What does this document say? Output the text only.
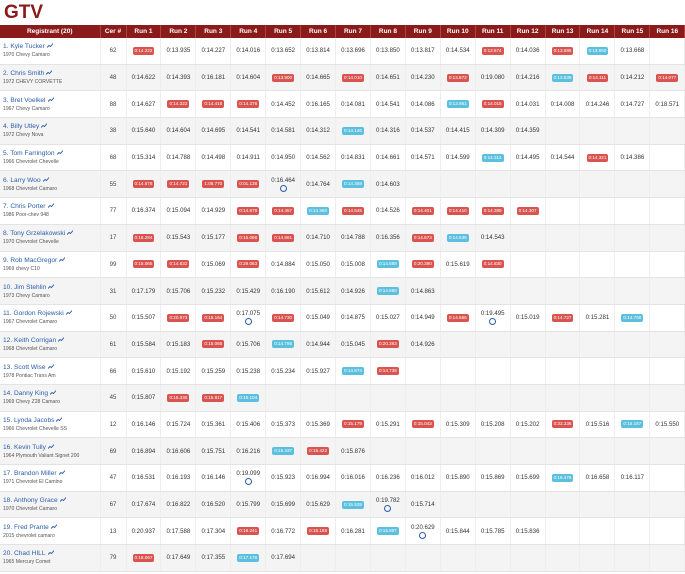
GTV
Registrant (20)	Cer #	Run 1	Run 2	Run 3	Run 4	Run 5	Run 6	Run 7	Run 8	Run 9	Run 10	Run 11	Run 12	Run 13	Run 14	Run 15	Run 16
1. Kyle Tucker
1970 Chevy Camaro	62	0:14.222	0:13.935	0:14.227	0:14.016	0:13.652	0:13.814	0:13.696	0:13.850	0:13.817	0:14.534	0:13.674	0:14.036	0:13.685	0:13.650	0:13.668	
2. Chris Smith
1972 CHEVY CORVETTE	48	0:14.622	0:14.393	0:16.181	0:14.604	0:13.900	0:14.665	0:14.010	0:14.651	0:14.230	0:13.872	0:19.080	0:14.216	0:13.539	0:14.111	0:14.212	0:14.077
3. Bret Voelkel
1967 Chevy Camaro	88	0:14.627	0:14.322	0:14.418	0:14.376	0:14.452	0:16.165	0:14.081	0:14.541	0:14.086	0:13.951	0:14.015	0:14.031	0:14.008	0:14.246	0:14.727	0:18.571
4. Billy Utley
1972 Chevy Nova	38	0:15.640	0:14.604	0:14.695	0:14.541	0:14.581	0:14.312	0:14.146	0:14.316	0:14.537	0:14.415	0:14.309	0:14.359				
5. Tom Farrington
1966 Chevrolet Chevelle	68	0:15.314	0:14.788	0:14.498	0:14.911	0:14.950	0:14.562	0:14.831	0:14.661	0:14.571	0:14.599	0:14.314	0:14.495	0:14.544	0:14.321	0:14.386	
6. Larry Woo
1968 Chevrolet Camaro	55	0:14.678	0:14.721	1:06.770	0:01.138	0:16.464	0:14.764	0:14.368	0:14.603								
7. Chris Porter
1986 Poor-chev 948	77	0:16.374	0:15.094	0:14.929	0:14.678	0:14.467	0:14.360	0:14.545	0:14.526	0:14.401	0:14.410	0:14.389	0:14.307				
8. Tony Grzelakowski
1970 Chevrolet Chevelle	17	0:16.284	0:15.543	0:15.177	0:15.086	0:14.861	0:14.710	0:14.788	0:16.356	0:14.673	0:14.536	0:14.543					
9. Rob MacGregor
1969 chevy C10	99	0:15.065	0:14.832	0:15.069	0:29.063	0:14.884	0:15.050	0:15.008	0:14.689	0:20.390	0:15.619	0:14.830					
10. Jim Stehlin
1973 Chevy Camaro	31	0:17.179	0:15.706	0:15.232	0:15.429	0:16.190	0:15.612	0:14.926	0:14.668	0:14.863							
11. Gordon Rojewski
1967 Chevrolet Camaro	50	0:15.507	0:20.973	0:15.164	0:17.075	0:14.730	0:15.049	0:14.875	0:15.027	0:14.949	0:14.666	0:19.495	0:15.019	0:14.727	0:15.281	0:14.760	
12. Keith Corrigan
1968 Chevrolet Camaro	61	0:15.584	0:15.183	0:15.066	0:15.706	0:14.786	0:14.944	0:15.045	0:20.363	0:14.926							
13. Scott Wise
1978 Pontiac Trans Am	66	0:15.610	0:15.192	0:15.259	0:15.238	0:15.234	0:15.927	0:14.874	0:14.738								
14. Danny King
1969 Chevy Z28 Camaro	45	0:15.807	0:15.330	0:15.817	0:15.104												
15. Lynda Jacobs
1966 Chevrolet Chevelle SS	12	0:16.146	0:15.724	0:15.361	0:15.406	0:15.373	0:15.369	0:15.179	0:15.291	0:15.043	0:15.309	0:15.208	0:15.202	0:33.336	0:15.516	0:15.167	0:15.550
16. Kevin Tully
1964 Plymouth Valiant Signet 200	69	0:16.894	0:16.606	0:15.751	0:16.216	0:15.437	0:15.422	0:15.876									
17. Brandon Miller
1971 Chevrolet El Camino	47	0:16.531	0:16.193	0:16.146	0:19.099	0:15.923	0:16.994	0:16.016	0:16.236	0:16.012	0:15.890	0:15.869	0:15.699	0:15.476	0:16.658	0:16.117	
18. Anthony Grace
1970 Chevrolet Camaro	67	0:17.674	0:16.822	0:16.520	0:15.799	0:15.699	0:15.629	0:15.528	0:19.782	0:15.714							
19. Fred Prante
2015 chevrolet camaro	13	0:20.937	0:17.588	0:17.304	0:16.241	0:16.772	0:16.168	0:16.281	0:15.807	0:20.629	0:15.844	0:15.785	0:15.836				
20. Chad HILL
1965 Mercury Comet	79	0:18.067	0:17.649	0:17.355	0:17.176	0:17.694											
